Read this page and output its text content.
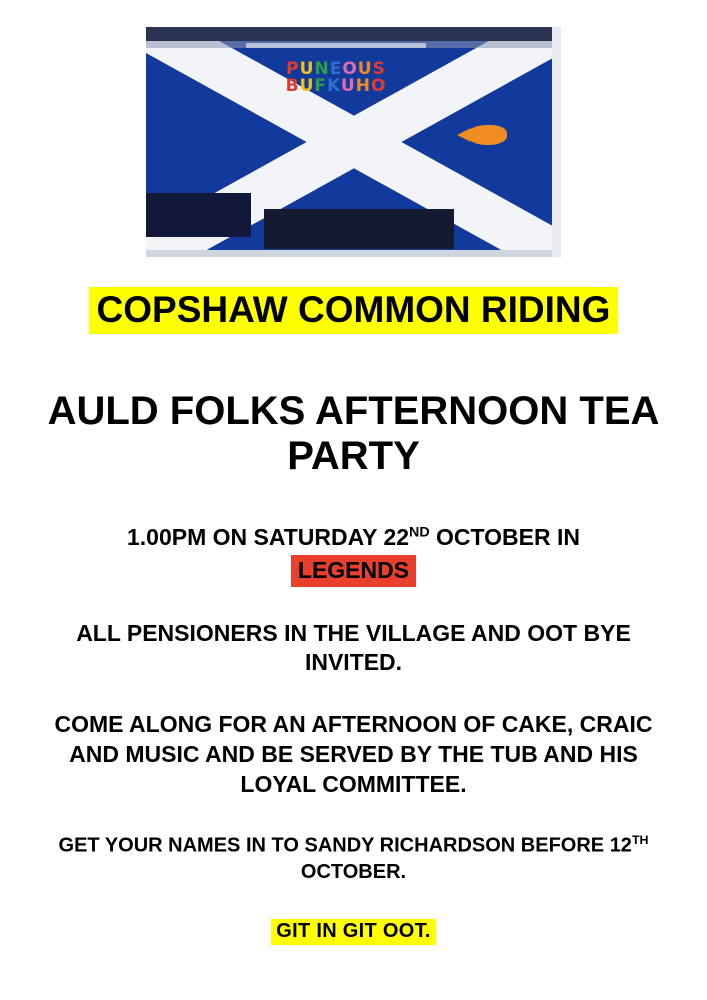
PUNEOUS
BUFKUHO
COPSHAW COMMON RIDING
AULD FOLKS AFTERNOON TEA PARTY
1.00PM ON SATURDAY 22ND OCTOBER IN
LEGENDS
ALL PENSIONERS IN THE VILLAGE AND OOT BYE INVITED.
COME ALONG FOR AN AFTERNOON OF CAKE, CRAIC AND MUSIC AND BE SERVED BY THE TUB AND HIS LOYAL COMMITTEE.
GET YOUR NAMES IN TO SANDY RICHARDSON BEFORE 12TH OCTOBER.
GIT IN GIT OOT.
